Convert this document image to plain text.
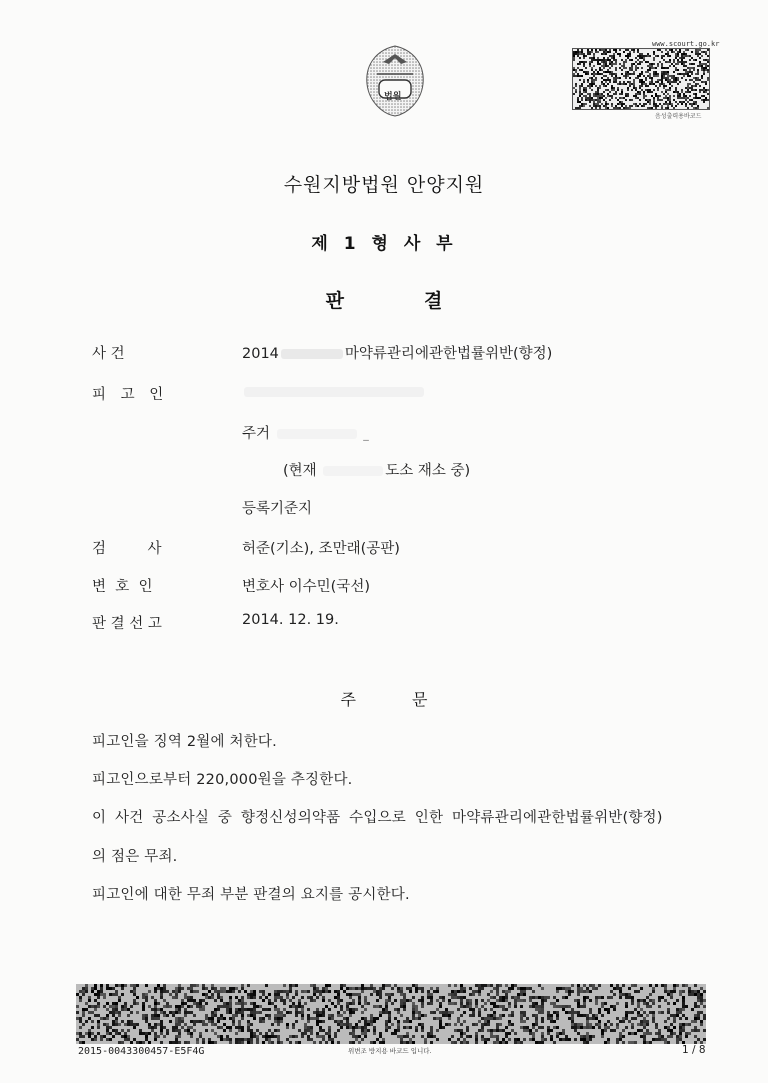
법원
www.scourt.go.kr
음성출력용바코드
수원지방법원 안양지원
제 1 형 사 부
판	결
사 건	2014	마약류관리에관한법률위반(향정)
피 고 인
주거	_
(현재	도소 재소 중)
등록기준지
검         사	허준(기소), 조만래(공판)
변  호  인	변호사 이수민(국선)
판 결 선 고	2014. 12. 19.
주	문
피고인을 징역 2월에 처한다.
피고인으로부터 220,000원을 추징한다.
이 사건 공소사실 중 향정신성의약품 수입으로 인한 마약류관리에관한법률위반(향정)
의 점은 무죄.
피고인에 대한 무죄 부분 판결의 요지를 공시한다.
2015-0043300457-E5F4G	위변조 방지용 바코드 입니다.	1 / 8
